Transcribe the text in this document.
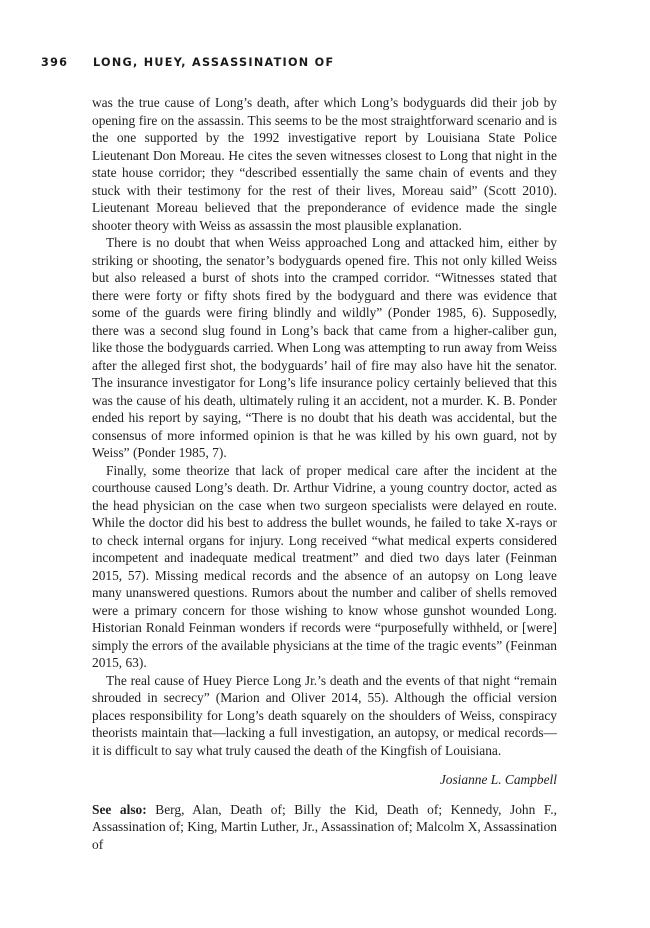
396 LONG, HUEY, ASSASSINATION OF

was the true cause of Long’s death, after which Long’s bodyguards did their job by opening fire on the assassin. This seems to be the most straightforward scenario and is the one supported by the 1992 investigative report by Louisiana State Police Lieutenant Don Moreau. He cites the seven witnesses closest to Long that night in the state house corridor; they “described essentially the same chain of events and they stuck with their testimony for the rest of their lives, Moreau said” (Scott 2010). Lieutenant Moreau believed that the preponderance of evidence made the single shooter theory with Weiss as assassin the most plausible explanation.

There is no doubt that when Weiss approached Long and attacked him, either by striking or shooting, the senator’s bodyguards opened fire. This not only killed Weiss but also released a burst of shots into the cramped corridor. “Witnesses stated that there were forty or fifty shots fired by the bodyguard and there was evidence that some of the guards were firing blindly and wildly” (Ponder 1985, 6). Supposedly, there was a second slug found in Long’s back that came from a higher-caliber gun, like those the bodyguards carried. When Long was attempting to run away from Weiss after the alleged first shot, the bodyguards’ hail of fire may also have hit the senator. The insurance investigator for Long’s life insurance policy certainly believed that this was the cause of his death, ultimately ruling it an accident, not a murder. K. B. Ponder ended his report by saying, “There is no doubt that his death was accidental, but the consensus of more informed opinion is that he was killed by his own guard, not by Weiss” (Ponder 1985, 7).

Finally, some theorize that lack of proper medical care after the incident at the courthouse caused Long’s death. Dr. Arthur Vidrine, a young country doctor, acted as the head physician on the case when two surgeon specialists were delayed en route. While the doctor did his best to address the bullet wounds, he failed to take X-rays or to check internal organs for injury. Long received “what medical experts considered incompetent and inadequate medical treatment” and died two days later (Feinman 2015, 57). Missing medical records and the absence of an autopsy on Long leave many unanswered questions. Rumors about the number and caliber of shells removed were a primary concern for those wishing to know whose gunshot wounded Long. Historian Ronald Feinman wonders if records were “purposefully withheld, or [were] simply the errors of the available physicians at the time of the tragic events” (Feinman 2015, 63).

The real cause of Huey Pierce Long Jr.’s death and the events of that night “remain shrouded in secrecy” (Marion and Oliver 2014, 55). Although the official version places responsibility for Long’s death squarely on the shoulders of Weiss, conspiracy theorists maintain that—lacking a full investigation, an autopsy, or medical records—it is difficult to say what truly caused the death of the Kingfish of Louisiana.

Josianne L. Campbell
See also: Berg, Alan, Death of; Billy the Kid, Death of; Kennedy, John F., Assassination of; King, Martin Luther, Jr., Assassination of; Malcolm X, Assassination of
